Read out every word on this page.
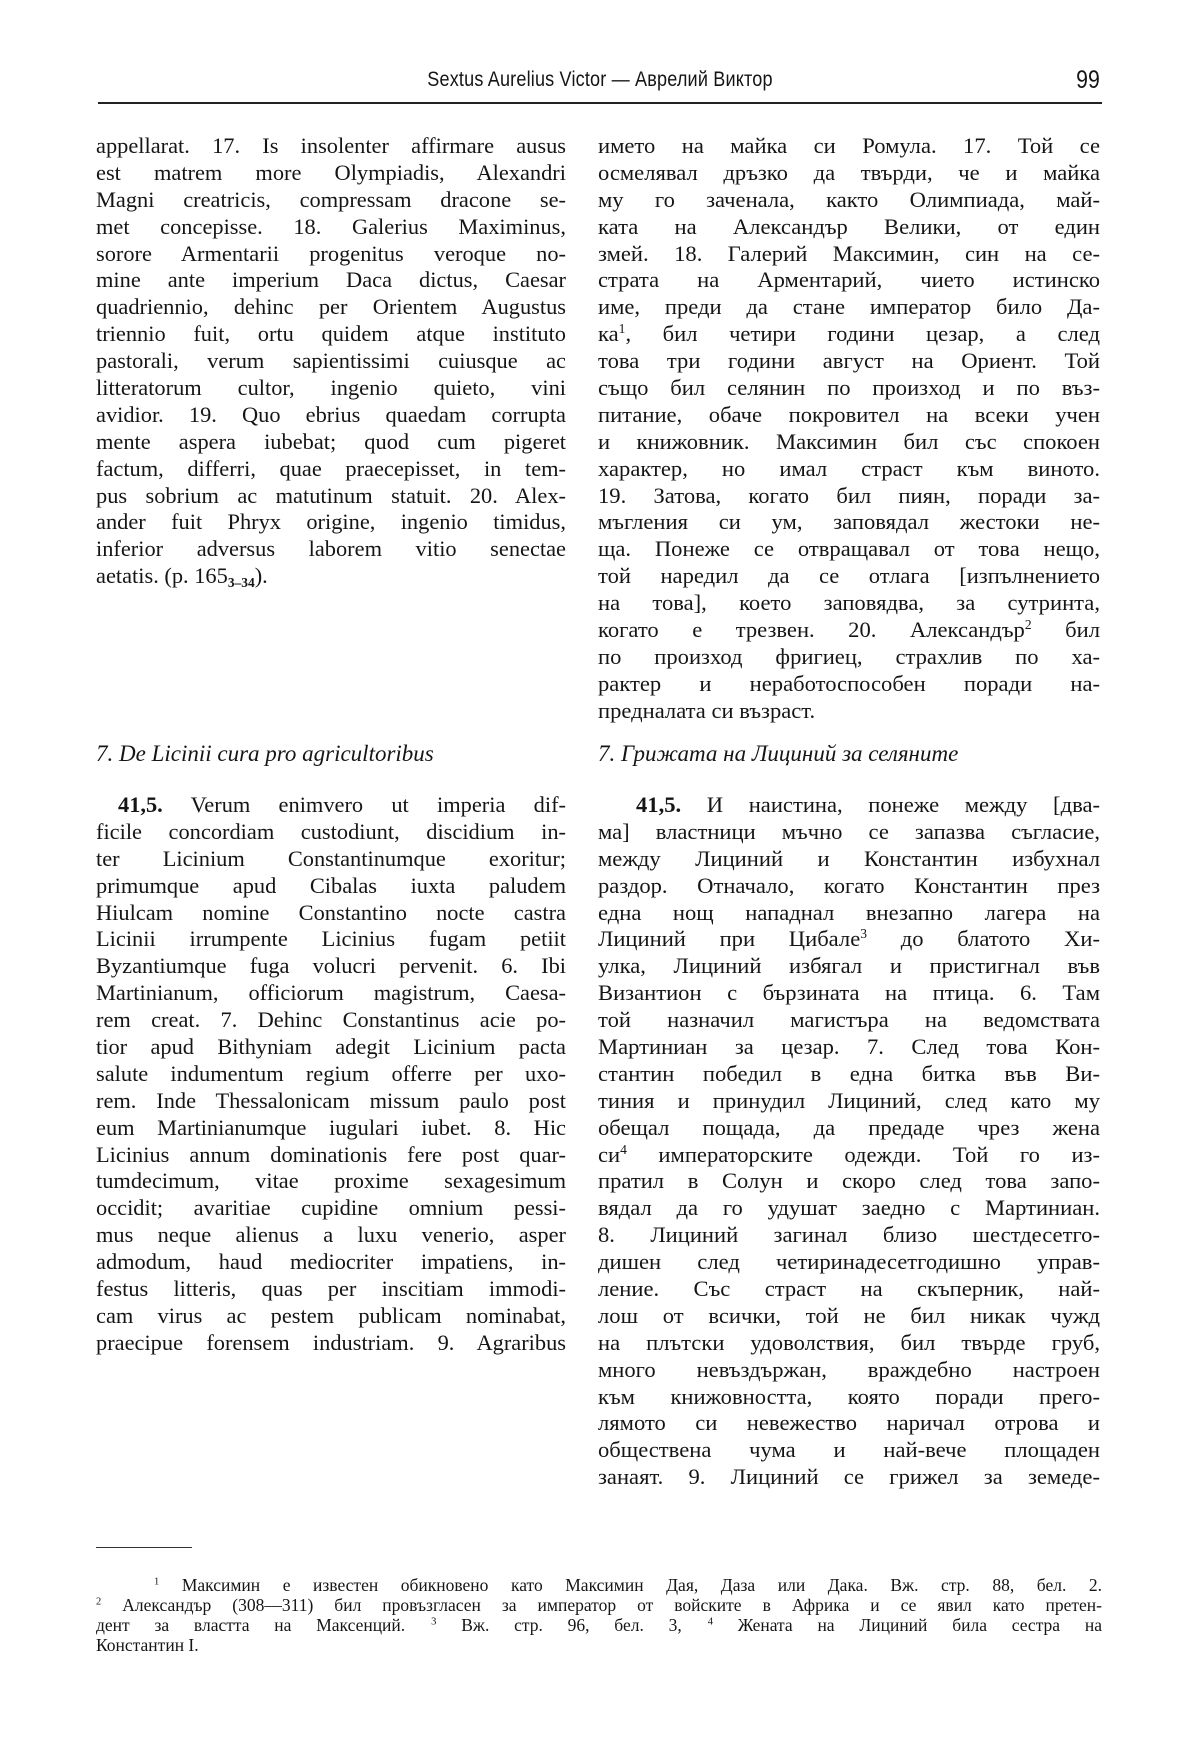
Sextus Aurelius Victor — Аврелий Виктор	99
appellarat. 17. Is insolenter affirmare ausus
est matrem more Olympiadis, Alexandri
Magni creatricis, compressam dracone se-
met concepisse. 18. Galerius Maximinus,
sorore Armentarii progenitus veroque no-
mine ante imperium Daca dictus, Caesar
quadriennio, dehinc per Orientem Augustus
triennio fuit, ortu quidem atque instituto
pastorali, verum sapientissimi cuiusque ac
litteratorum cultor, ingenio quieto, vini
avidior. 19. Quo ebrius quaedam corrupta
mente aspera iubebat; quod cum pigeret
factum, differri, quae praecepisset, in tem-
pus sobrium ac matutinum statuit. 20. Alex-
ander fuit Phryx origine, ingenio timidus,
inferior adversus laborem vitio senectae
aetatis. (p. $165_{3-34}$).
7. De Licinii cura pro agricultoribus
41,5. Verum enimvero ut imperia dif-
ficile concordiam custodiunt, discidium in-
ter Licinium Constantinumque exoritur;
primumque apud Cibalas iuxta paludem
Hiulcam nomine Constantino nocte castra
Licinii irrumpente Licinius fugam petiit
Byzantiumque fuga volucri pervenit. 6. Ibi
Martinianum, officiorum magistrum, Caesa-
rem creat. 7. Dehinc Constantinus acie po-
tior apud Bithyniam adegit Licinium pacta
salute indumentum regium offerre per uxo-
rem. Inde Thessalonicam missum paulo post
eum Martinianumque iugulari iubet. 8. Hic
Licinius annum dominationis fere post quar-
tumdecimum, vitae proxime sexagesimum
occidit; avaritiae cupidine omnium pessi-
mus neque alienus a luxu venerio, asper
admodum, haud mediocriter impatiens, in-
festus litteris, quas per inscitiam immodi-
cam virus ac pestem publicam nominabat,
praecipue forensem industriam. 9. Agraribus
името на майка си Ромула. 17. Той се
осмелявал дръзко да твърди, че и майка
му го заченала, както Олимпиада, май-
ката на Александър Велики, от един
змей. 18. Галерий Максимин, син на се-
страта на Арментарий, чието истинско
име, преди да стане император било Да-
$ка^1$, бил четири години цезар, а след
това три години август на Ориент. Той
също бил селянин по произход и по въз-
питание, обаче покровител на всеки учен
и книжовник. Максимин бил със спокоен
характер, но имал страст към виното.
19. Затова, когато бил пиян, поради за-
мъгления си ум, заповядал жестоки не-
ща. Понеже се отвращавал от това нещо,
той наредил да се отлага [изпълнението
на това], което заповядва, за сутринта,
когато е трезвен. 20. Александър$^2$ бил
по произход фригиец, страхлив по ха-
рактер и неработоспособен поради на-
предналата си възраст.
7. Грижата на Лициний за селяните
41,5. И наистина, понеже между [два-
ма] властници мъчно се запазва съгласие,
между Лициний и Константин избухнал
раздор. Отначало, когато Константин през
една нощ нападнал внезапно лагера на
Лициний при Цибале$^3$ до блатото Хи-
улка, Лициний избягал и пристигнал във
Византион с бързината на птица. 6. Там
той назначил магистъра на ведомствата
Мартиниан за цезар. 7. След това Кон-
стантин победил в една битка във Ви-
тиния и принудил Лициний, след като му
обещал пощада, да предаде чрез жена
$си^4$ императорските одежди. Той го из-
пратил в Солун и скоро след това запо-
вядал да го удушат заедно с Мартиниан.
8. Лициний загинал близо шестдесетго-
дишен след четиринадесетгодишно управ-
ление. Със страст на скъперник, най-
лош от всички, той не бил никак чужд
на плътски удоволствия, бил твърде груб,
много невъздържан, враждебно настроен
към книжовността, която поради прего-
лямото си невежество наричал отрова и
обществена чума и най-вече площаден
занаят. 9. Лициний се грижел за земеде-
$^1$ Максимин е известен обикновено като Максимин Дая, Даза или Дака. Вж. стр. 88, бел. 2.
$^2$ Александър (308—311) бил провъзгласен за император от войските в Африка и се явил като претен-
дент за властта на Максенций. $^3$ Вж. стр. 96, бел. 3, $^4$ Жената на Лициний била сестра на
Константин I.
